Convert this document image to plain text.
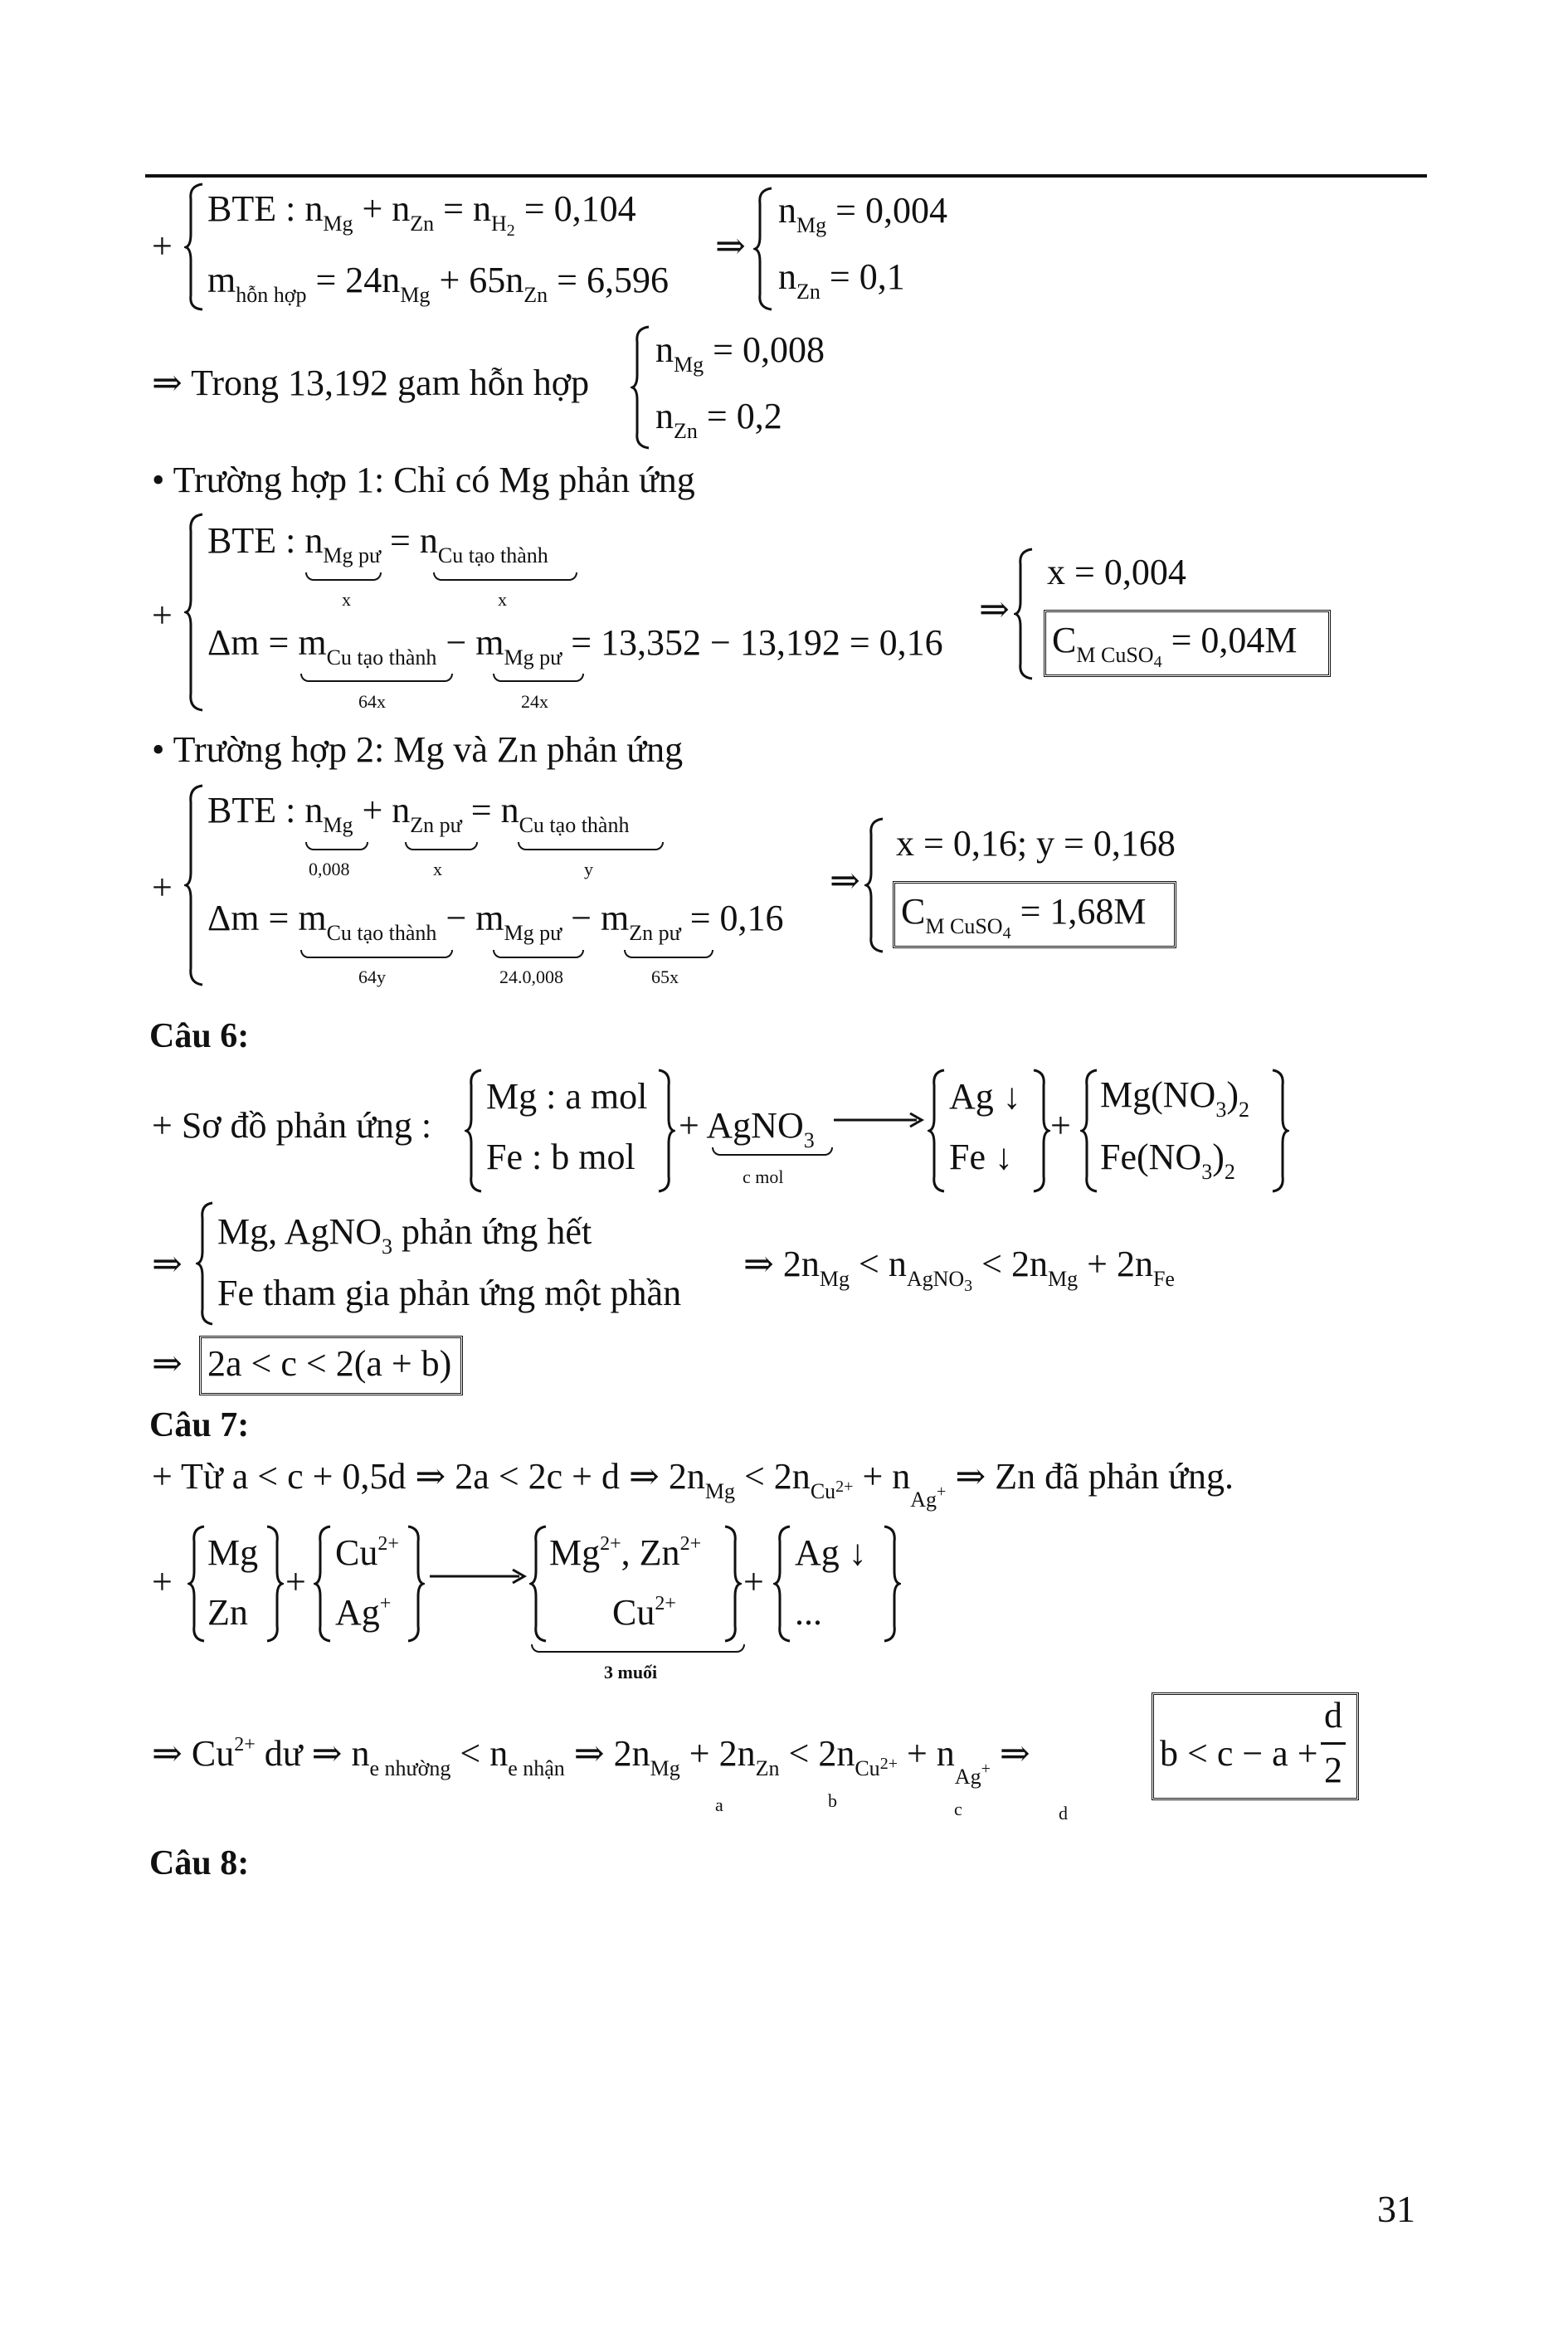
+
BTE : $n_{Mg} + n_{Zn} = n_{H2} = 0,104$
$m_{hỗn hợp} = 24n_{Mg} + 65n_{Zn} = 6,596$
⇒
$n_{Mg} = 0,004$
$n_{Zn} = 0,1$
⇒ Trong 13,192 gam hỗn hợp
$n_{Mg} = 0,008$
$n_{Zn} = 0,2$
• Trường hợp 1: Chỉ có Mg phản ứng
+
BTE : $n_{Mg pư} = n_{Cu tạo thành}$
x	x
$\Delta m = m_{Cu tạo thành} - m_{Mg pư} = 13,352 - 13,192 = 0,16$
64x	24x
⇒
x = 0,004
$C_{M CuSO4} = 0,04M$
• Trường hợp 2: Mg và Zn phản ứng
+
BTE : $n_{Mg} + n_{Zn pư} = n_{Cu tạo thành}$
0,008	x	y
$\Delta m = m_{Cu tạo thành} - m_{Mg pư} - m_{Zn pư} = 0,16$
64y	24.0,008	65x
⇒
x = 0,16; y = 0,168
$C_{M CuSO4} = 1,68M$
Câu 6:
+ Sơ đồ phản ứng :
Mg : a mol
Fe : b mol
+ AgNO$_3$
c mol
Ag ↓
Fe ↓
+
$Mg(NO_3)_2$
$Fe(NO_3)_2$
⇒
Mg, AgNO$_3$ phản ứng hết
Fe tham gia phản ứng một phần
⇒ $2n_{Mg} < n_{AgNO3} < 2n_{Mg} + 2n_{Fe}$
⇒ 2a < c < 2(a + b)
Câu 7:
+ Từ a < c + 0,5d ⇒ 2a < 2c + d ⇒ $2n_{Mg} < 2n_{Cu}2+ + n_{Ag+}$ ⇒ Zn đã phản ứng.
+
Mg
Zn
+
$Cu^{2+}$
Ag+
$Mg^{2+}$, $Zn^{2+}$
$Cu^{2+}$
3 muối
+
Ag ↓
...
⇒ $Cu^{2+}$ dư ⇒ $n_{e nhường} < n_{e nhận}$ ⇒ $2n_{Mg} + 2n_{Zn} < 2n_{Cu}2+ + n_{Ag+}$ ⇒
a	b	c	d
b < c − a +
d
2
Câu 8:
31
